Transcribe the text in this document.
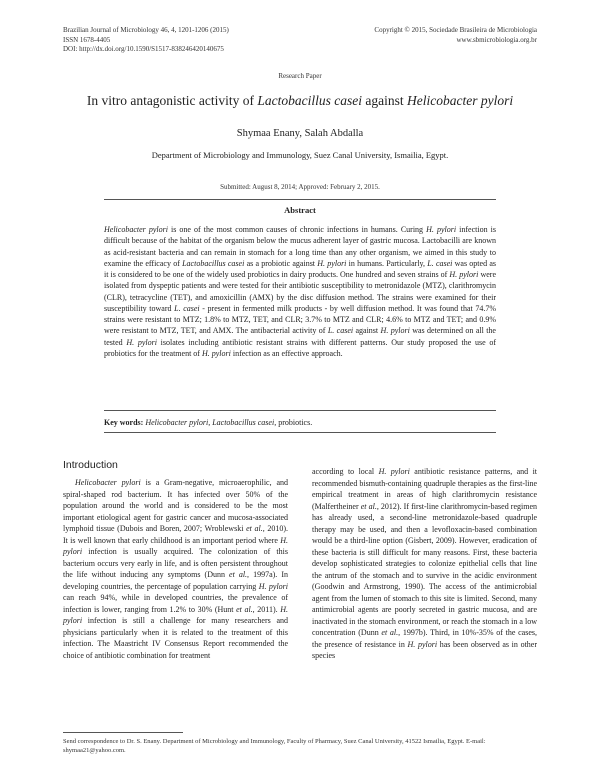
Brazilian Journal of Microbiology 46, 4, 1201-1206 (2015)
ISSN 1678-4405
DOI: http://dx.doi.org/10.1590/S1517-838246420140675
Copyright © 2015, Sociedade Brasileira de Microbiologia
www.sbmicrobiologia.org.br
Research Paper
In vitro antagonistic activity of Lactobacillus casei against Helicobacter pylori
Shymaa Enany, Salah Abdalla
Department of Microbiology and Immunology, Suez Canal University, Ismailia, Egypt.
Submitted: August 8, 2014; Approved: February 2, 2015.
Abstract
Helicobacter pylori is one of the most common causes of chronic infections in humans. Curing H. pylori infection is difficult because of the habitat of the organism below the mucus adherent layer of gastric mucosa. Lactobacilli are known as acid-resistant bacteria and can remain in stomach for a long time than any other organism, we aimed in this study to examine the efficacy of Lactobacillus casei as a probiotic against H. pylori in humans. Particularly, L. casei was opted as it is considered to be one of the widely used probiotics in dairy products. One hundred and seven strains of H. pylori were isolated from dyspeptic patients and were tested for their antibiotic susceptibility to metronidazole (MTZ), clarithromycin (CLR), tetracycline (TET), and amoxicillin (AMX) by the disc diffusion method. The strains were examined for their susceptibility toward L. casei - present in fermented milk products - by well diffusion method. It was found that 74.7% strains were resistant to MTZ; 1.8% to MTZ, TET, and CLR; 3.7% to MTZ and CLR; 4.6% to MTZ and TET; and 0.9% were resistant to MTZ, TET, and AMX. The antibacterial activity of L. casei against H. pylori was determined on all the tested H. pylori isolates including antibiotic resistant strains with different patterns. Our study proposed the use of probiotics for the treatment of H. pylori infection as an effective approach.
Key words: Helicobacter pylori, Lactobacillus casei, probiotics.
Introduction
Helicobacter pylori is a Gram-negative, microaerophilic, and spiral-shaped rod bacterium. It has infected over 50% of the population around the world and is considered to be the most important etiological agent for gastric cancer and mucosa-associated lymphoid tissue (Dubois and Boren, 2007; Wroblewski et al., 2010). It is well known that early childhood is an important period where H. pylori infection is usually acquired. The colonization of this bacterium occurs very early in life, and is often persistent throughout the life without inducing any symptoms (Dunn et al., 1997a). In developing countries, the percentage of population carrying H. pylori can reach 94%, while in developed countries, the prevalence of infection is lower, ranging from 1.2% to 30% (Hunt et al., 2011). H. pylori infection is still a challenge for many researchers and physicians particularly when it is related to the treatment of this infection. The Maastricht IV Consensus Report recommended the choice of antibiotic combination for treatment
according to local H. pylori antibiotic resistance patterns, and it recommended bismuth-containing quadruple therapies as the first-line empirical treatment in areas of high clarithromycin resistance (Malfertheiner et al., 2012). If first-line clarithromycin-based regimen has already used, a second-line metronidazole-based quadruple therapy may be used, and then a levofloxacin-based combination would be a third-line option (Gisbert, 2009). However, eradication of these bacteria is still difficult for many reasons. First, these bacteria develop sophisticated strategies to colonize epithelial cells that line the antrum of the stomach and to survive in the acidic environment (Goodwin and Armstrong, 1990). The access of the antimicrobial agent from the lumen of stomach to this site is limited. Second, many antimicrobial agents are poorly secreted in gastric mucosa, and are inactivated in the stomach environment, or reach the stomach in a low concentration (Dunn et al., 1997b). Third, in 10%-35% of the cases, the presence of resistance in H. pylori has been observed as in other species
Send correspondence to Dr. S. Enany. Department of Microbiology and Immunology, Faculty of Pharmacy, Suez Canal University, 41522 Ismailia, Egypt. E-mail: shymaa21@yahoo.com.
